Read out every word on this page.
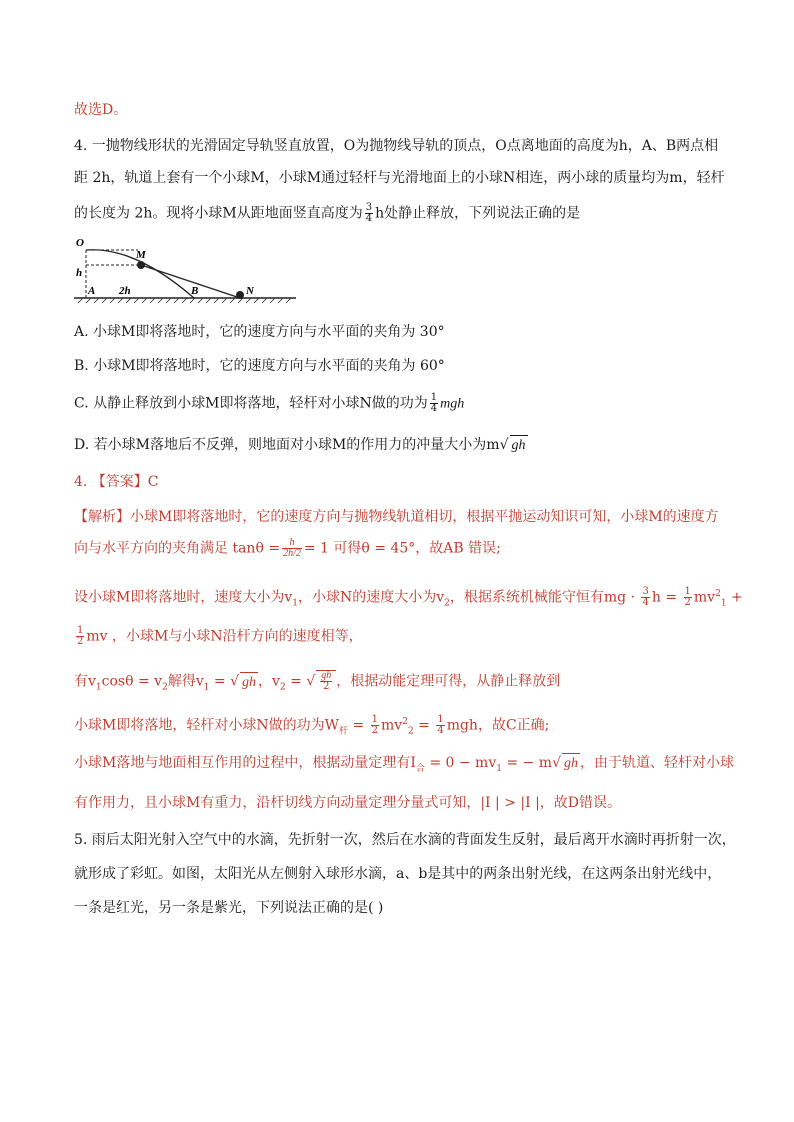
故选D。
4. 一抛物线形状的光滑固定导轨竖直放置，O为抛物线导轨的顶点，O点离地面的高度为h，A、B两点相
距 2h，轨道上套有一个小球M，小球M通过轻杆与光滑地面上的小球N相连，两小球的质量均为m，轻杆
的长度为 2h。现将小球M从距地面竖直高度为 $\frac{3}{4}$ h处静止释放，下列说法正确的是
O
M
h
A 2h	B	N
A. 小球M即将落地时，它的速度方向与水平面的夹角为 30°
B. 小球M即将落地时，它的速度方向与水平面的夹角为 60°
C. 从静止释放到小球M即将落地，轻杆对小球N做的功为 $\frac{1}{4}$ mgh
D. 若小球M落地后不反弹，则地面对小球M的作用力的冲量大小为m√ gh
4. 【答案】C
【解析】小球M即将落地时，它的速度方向与抛物线轨道相切，根据平抛运动知识可知，小球M的速度方
向与水平方向的夹角满足 $\tan\theta = \frac{h}{2h/2} = 1$ 可得θ = 45°，故AB 错误;
设小球M即将落地时，速度大小为$v_1$，小球N的速度大小为$v_2$，根据系统机械能守恒有mg · $\frac{3}{4}$ $h = \frac{1}{2} mv^2_1$ +
$\frac{1}{2}$ mv ，小球M与小球N沿杆方向的速度相等，
有$v_1\cos\theta = v_2$解得$v_1$ = √ gh ，$v_2$ = √ $\frac{gh}{2}$ ，根据动能定理可得，从静止释放到
小球M即将落地，轻杆对小球N做的功为$W_杆 = \frac{1}{2} mv^2_2 = \frac{1}{4}$ mgh，故C正确;
小球M落地与地面相互作用的过程中，根据动量定理有$I_合 = 0 - mv_1$ = − m√ gh ，由于轨道、轻杆对小球
有作用力，且小球M有重力，沿杆切线方向动量定理分量式可知，|I | > |I |，故D错误。
5. 雨后太阳光射入空气中的水滴，先折射一次，然后在水滴的背面发生反射，最后离开水滴时再折射一次，
就形成了彩虹。如图，太阳光从左侧射入球形水滴，a、b是其中的两条出射光线，在这两条出射光线中，
一条是红光，另一条是紫光，下列说法正确的是( )
